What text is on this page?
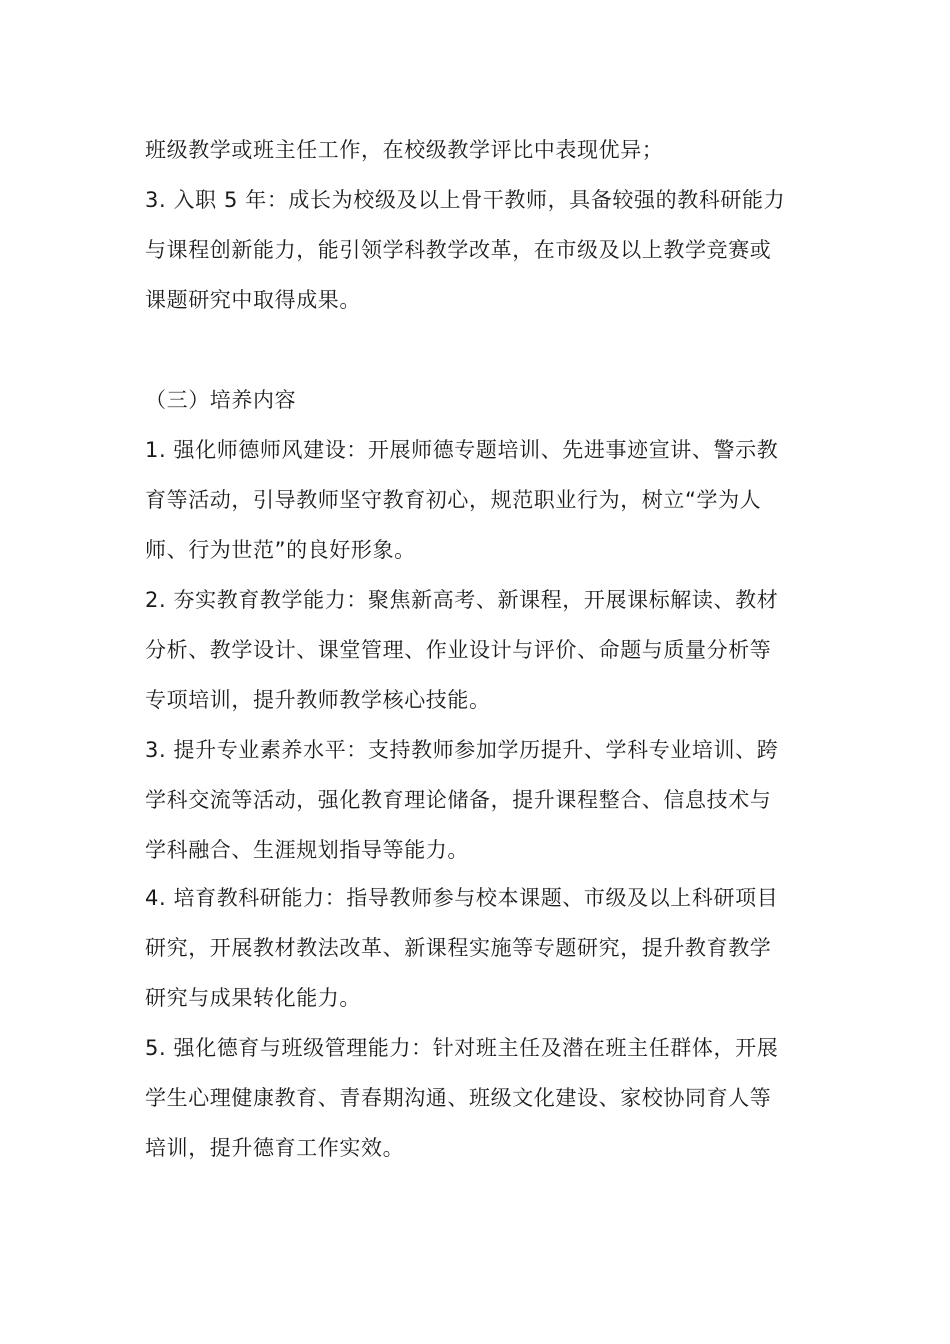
班级教学或班主任工作，在校级教学评比中表现优异；
3. 入职 5 年：成长为校级及以上骨干教师，具备较强的教科研能力
与课程创新能力，能引领学科教学改革，在市级及以上教学竞赛或
课题研究中取得成果。
（三）培养内容
1. 强化师德师风建设：开展师德专题培训、先进事迹宣讲、警示教
育等活动，引导教师坚守教育初心，规范职业行为，树立“学为人
师、行为世范”的良好形象。
2. 夯实教育教学能力：聚焦新高考、新课程，开展课标解读、教材
分析、教学设计、课堂管理、作业设计与评价、命题与质量分析等
专项培训，提升教师教学核心技能。
3. 提升专业素养水平：支持教师参加学历提升、学科专业培训、跨
学科交流等活动，强化教育理论储备，提升课程整合、信息技术与
学科融合、生涯规划指导等能力。
4. 培育教科研能力：指导教师参与校本课题、市级及以上科研项目
研究，开展教材教法改革、新课程实施等专题研究，提升教育教学
研究与成果转化能力。
5. 强化德育与班级管理能力：针对班主任及潜在班主任群体，开展
学生心理健康教育、青春期沟通、班级文化建设、家校协同育人等
培训，提升德育工作实效。
